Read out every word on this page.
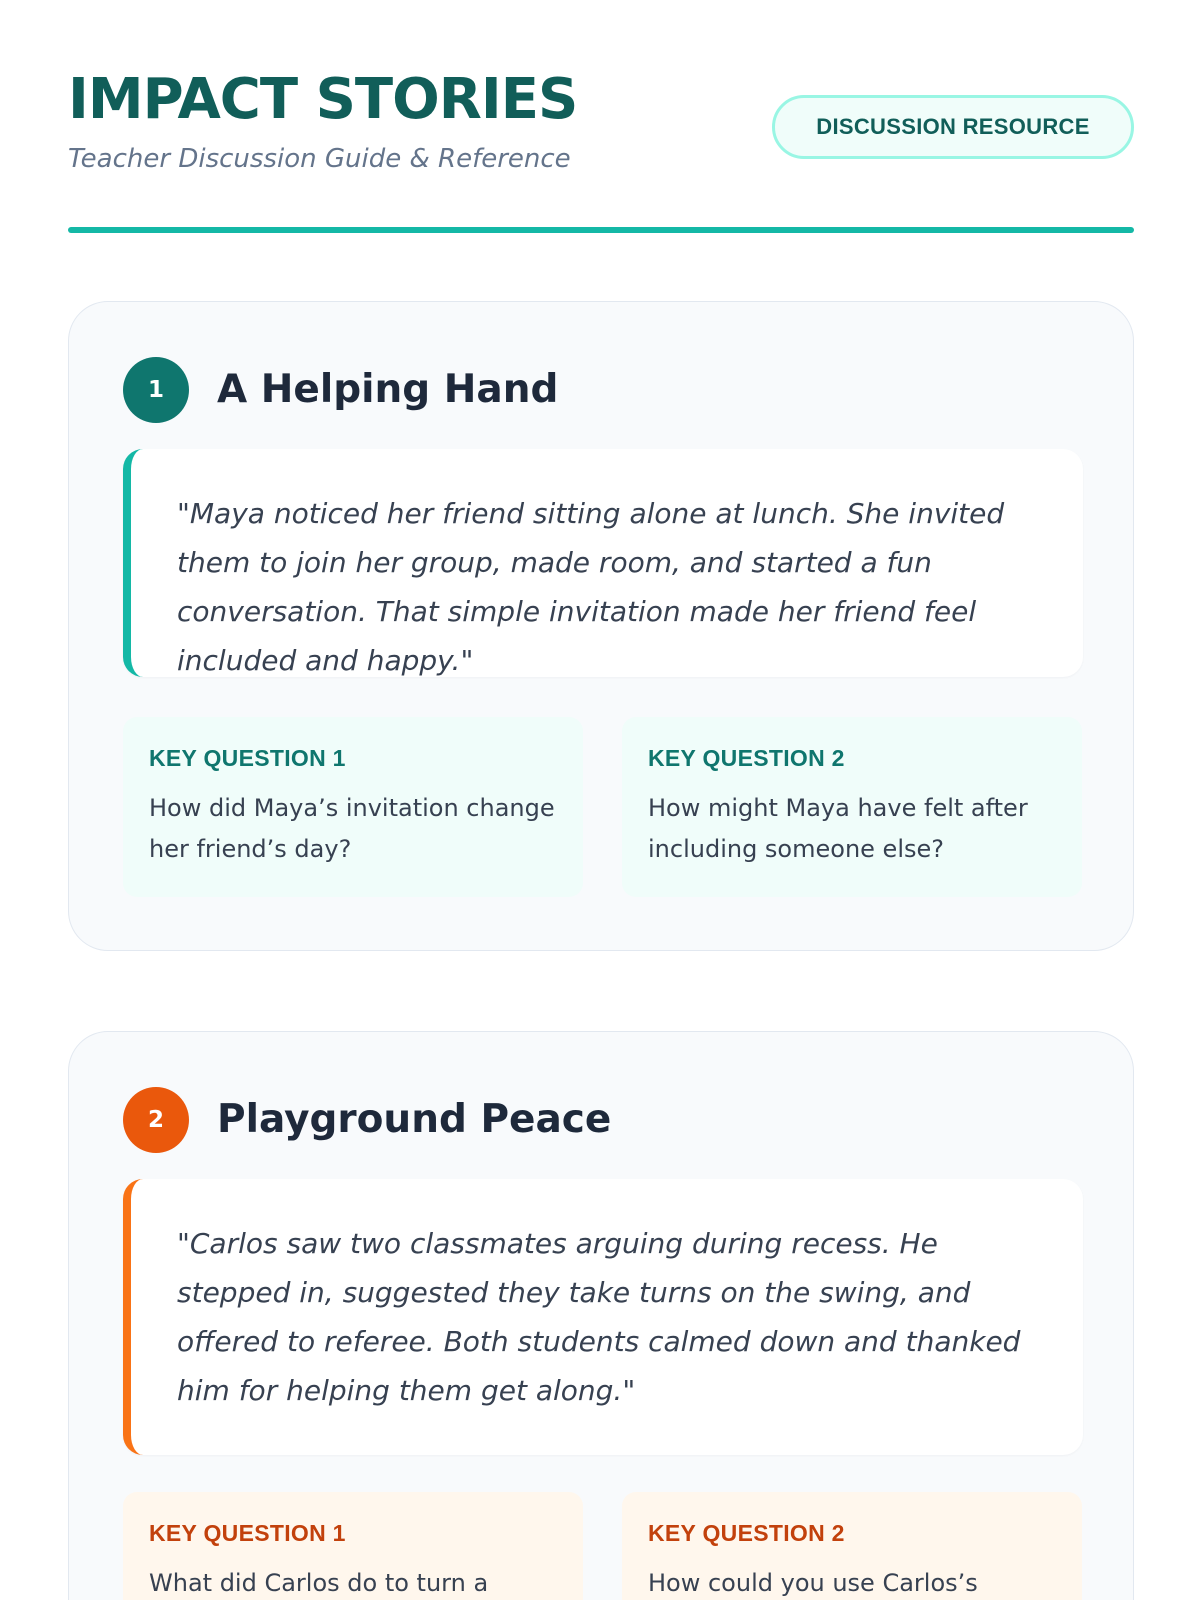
IMPACT STORIES
Teacher Discussion Guide & Reference
DISCUSSION RESOURCE
1	A Helping Hand
"Maya noticed her friend sitting alone at lunch. She invited them to join her group, made room, and started a fun conversation. That simple invitation made her friend feel included and happy."
KEY QUESTION 1
How did Maya’s invitation change her friend’s day?
KEY QUESTION 2
How might Maya have felt after including someone else?
2	Playground Peace
"Carlos saw two classmates arguing during recess. He stepped in, suggested they take turns on the swing, and offered to referee. Both students calmed down and thanked him for helping them get along."
KEY QUESTION 1
What did Carlos do to turn a
KEY QUESTION 2
How could you use Carlos’s
